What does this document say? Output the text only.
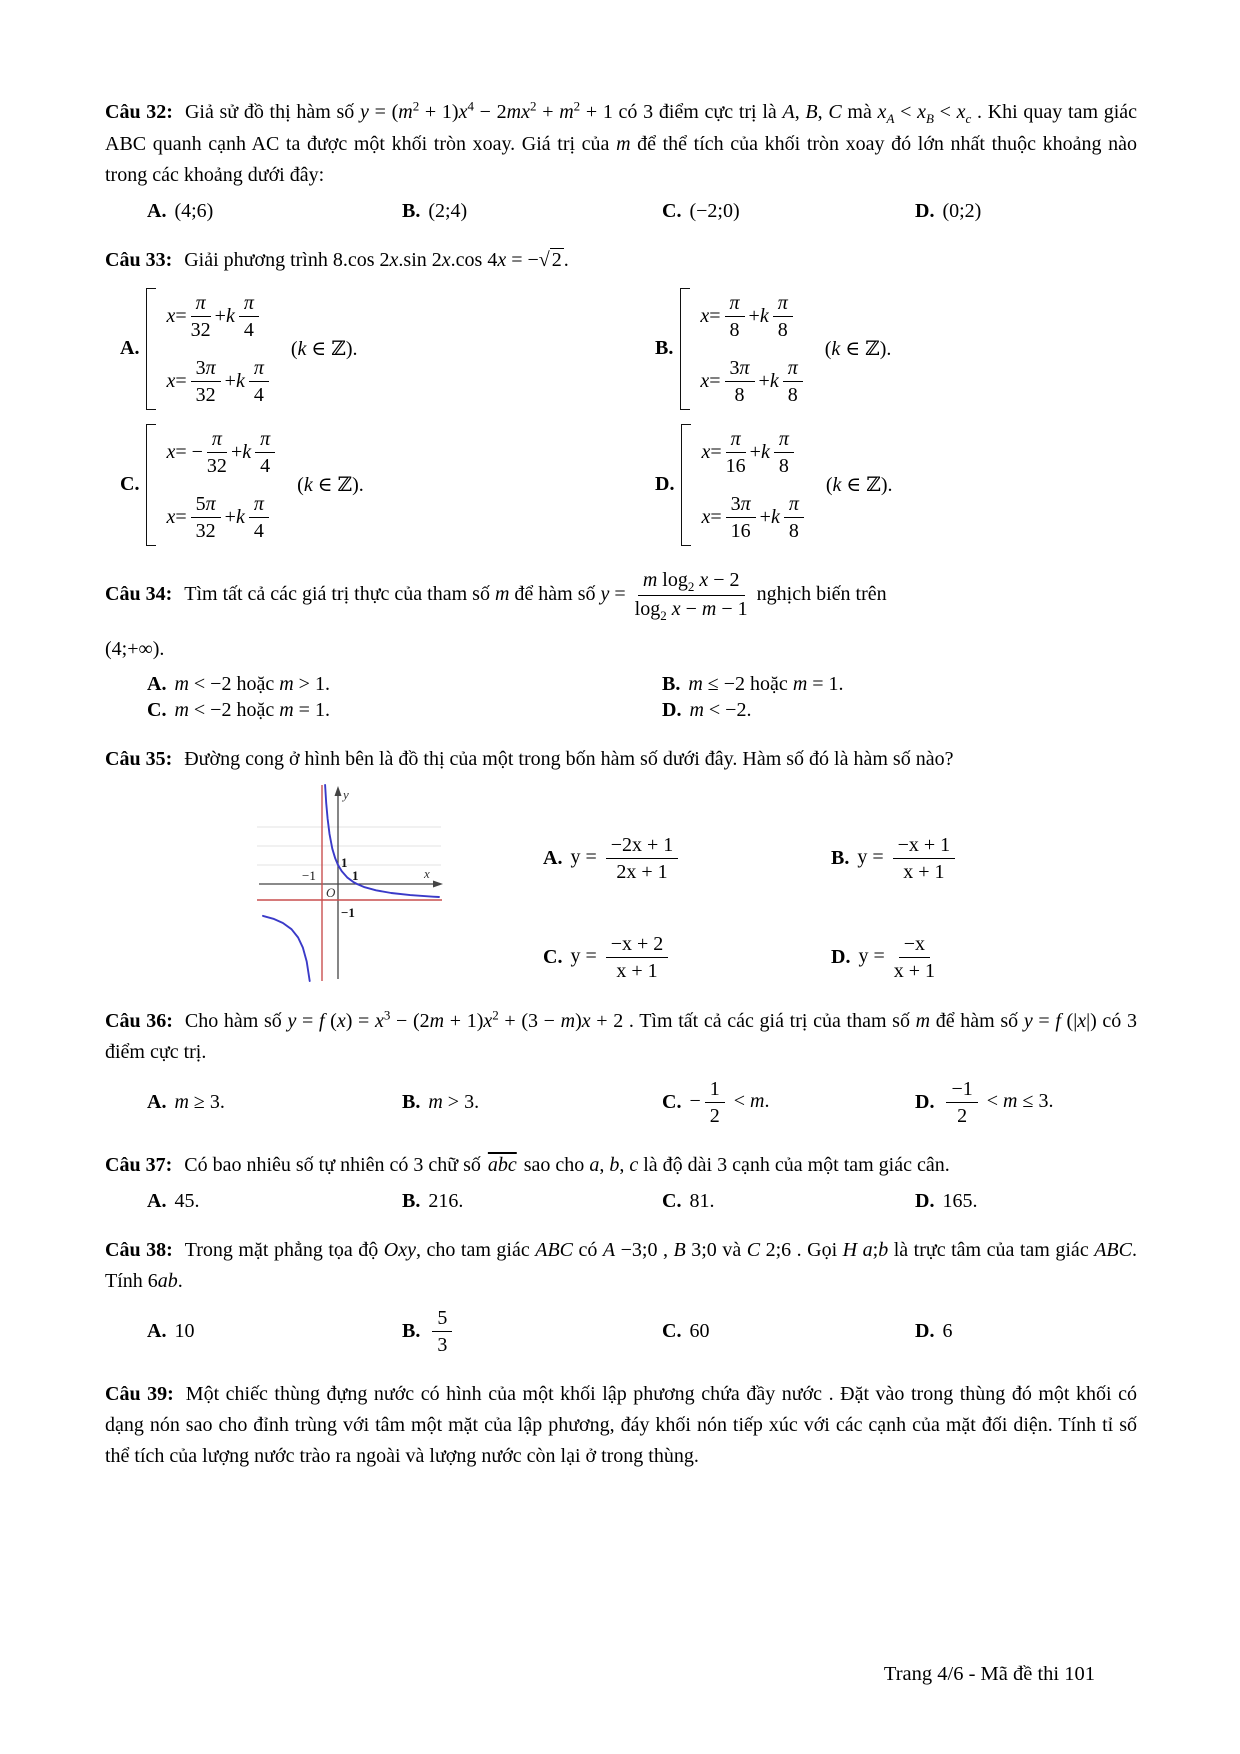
Câu 32: Giả sử đồ thị hàm số $y = (m^2 + 1)x^4 - 2mx^2 + m^2 + 1$ có 3 điểm cực trị là A, B, C mà $x_A < x_B < x_c$ . Khi quay tam giác ABC quanh cạnh AC ta được một khối tròn xoay. Giá trị của m để thể tích của khối tròn xoay đó lớn nhất thuộc khoảng nào trong các khoảng dưới đây:

A. (4;6)	B. (2;4)	C. (−2;0)	D. (0;2)

Câu 33: Giải phương trình 8.cos 2x.sin 2x.cos 4x = −√ 2 .

A.
$x = \frac{\pi}{32} + k \frac{\pi}{4}$
$x = \frac{3\pi}{32} + k \frac{\pi}{4}$
(k ∈ ℤ).	B.
$x = \frac{\pi}{8} + k \frac{\pi}{8}$
$x = \frac{3\pi}{8} + k \frac{\pi}{8}$
(k ∈ ℤ).
C.
x = − $\frac{\pi}{32} + k \frac{\pi}{4}$
$x = \frac{5\pi}{32} + k \frac{\pi}{4}$
(k ∈ ℤ).	D.
$x = \frac{\pi}{16} + k \frac{\pi}{8}$
$x = \frac{3\pi}{16} + k \frac{\pi}{8}$
(k ∈ ℤ).

Câu 34: Tìm tất cả các giá trị thực của tham số m để hàm số $y = \frac{m \log_2 x - 2}{\log_2 x - m - 1}$ nghịch biến trên

(4;+∞).

A. m < −2 hoặc m > 1.	B. m ≤ −2 hoặc m = 1.
C. m < −2 hoặc m = 1.	D. m < −2.

Câu 35: Đường cong ở hình bên là đồ thị của một trong bốn hàm số dưới đây. Hàm số đó là hàm số nào?

y
x
O
−1
1
1
−1
A. $y = \frac{-2x + 1}{2x + 1}$	B. $y = \frac{-x + 1}{x + 1}$
C. $y = \frac{-x + 2}{x + 1}$	D. $y = \frac{-x}{x + 1}$

Câu 36: Cho hàm số y = f $(x) = x^3 - (2m + 1)x^2 + (3 - m)x + 2$ . Tìm tất cả các giá trị của tham số m để hàm số y = f (|x|) có 3 điểm cực trị.

A. m ≥ 3.	B. m > 3.	C. − $\frac{1}{2} < m$.	D. $\frac{-1}{2} < m \le 3$.

Câu 37: Có bao nhiêu số tự nhiên có 3 chữ số $\overline{abc}$ sao cho a, b, c là độ dài 3 cạnh của một tam giác cân.

A. 45.	B. 216.	C. 81.	D. 165.

Câu 38: Trong mặt phẳng tọa độ Oxy, cho tam giác ABC có A −3;0 , B 3;0 và C 2;6 . Gọi H a;b là trực tâm của tam giác ABC. Tính 6ab.

A. 10	B. $\frac{5}{3}$	C. 60	D. 6

Câu 39: Một chiếc thùng đựng nước có hình của một khối lập phương chứa đầy nước . Đặt vào trong thùng đó một khối có dạng nón sao cho đỉnh trùng với tâm một mặt của lập phương, đáy khối nón tiếp xúc với các cạnh của mặt đối diện. Tính tỉ số thể tích của lượng nước trào ra ngoài và lượng nước còn lại ở trong thùng.

Trang 4/6 - Mã đề thi 101
